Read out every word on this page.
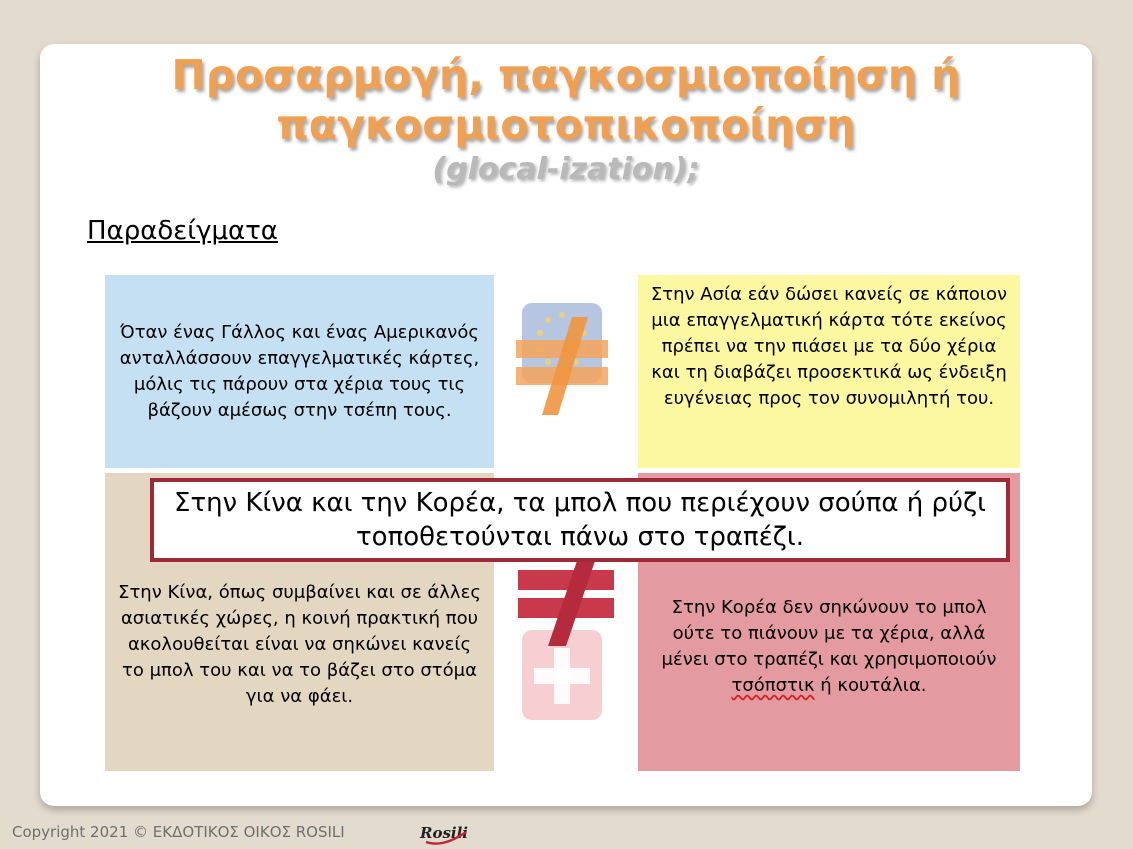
Προσαρμογή, παγκοσμιοποίηση ή
παγκοσμιοτοπικοποίηση
(glocal-ization);
Παραδείγματα
Όταν ένας Γάλλος και ένας Αμερικανός ανταλλάσσουν επαγγελματικές κάρτες, μόλις τις πάρουν στα χέρια τους τις βάζουν αμέσως στην τσέπη τους.
Στην Ασία εάν δώσει κανείς σε κάποιον μια επαγγελματική κάρτα τότε εκείνος πρέπει να την πιάσει με τα δύο χέρια και τη διαβάζει προσεκτικά ως ένδειξη ευγένειας προς τον συνομιλητή του.
Στην Κίνα, όπως συμβαίνει και σε άλλες ασιατικές χώρες, η κοινή πρακτική που ακολουθείται είναι να σηκώνει κανείς το μπολ του και να το βάζει στο στόμα για να φάει.
Στην Κορέα δεν σηκώνουν το μπολ ούτε το πιάνουν με τα χέρια, αλλά μένει στο τραπέζι και χρησιμοποιούν τσόπστικ ή κουτάλια.
Στην Κίνα και την Κορέα, τα μπολ που περιέχουν σούπα ή ρύζι τοποθετούνται πάνω στο τραπέζι.
Copyright 2021 © ΕΚΔΟΤΙΚΟΣ ΟΙΚΟΣ ROSILI	Rosili
